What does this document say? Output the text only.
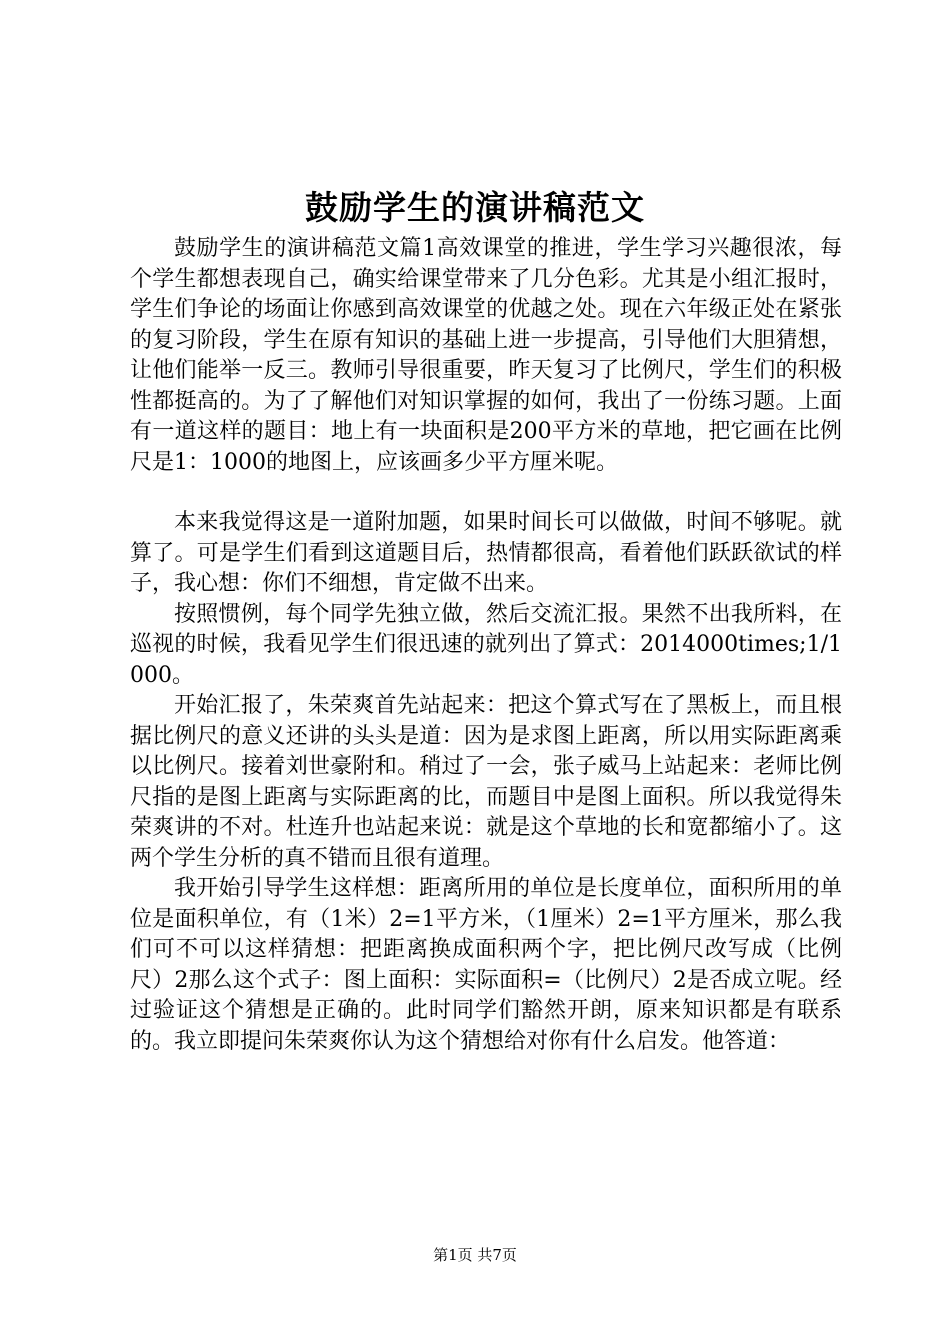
鼓励学生的演讲稿范文

鼓励学生的演讲稿范文篇1高效课堂的推进，学生学习兴趣很浓，每个学生都想表现自己，确实给课堂带来了几分色彩。尤其是小组汇报时，学生们争论的场面让你感到高效课堂的优越之处。现在六年级正处在紧张的复习阶段，学生在原有知识的基础上进一步提高，引导他们大胆猜想，让他们能举一反三。教师引导很重要，昨天复习了比例尺，学生们的积极性都挺高的。为了了解他们对知识掌握的如何，我出了一份练习题。上面有一道这样的题目：地上有一块面积是200平方米的草地，把它画在比例尺是1：1000的地图上，应该画多少平方厘米呢。

本来我觉得这是一道附加题，如果时间长可以做做，时间不够呢。就算了。可是学生们看到这道题目后，热情都很高，看着他们跃跃欲试的样子，我心想：你们不细想，肯定做不出来。

按照惯例，每个同学先独立做，然后交流汇报。果然不出我所料，在巡视的时候，我看见学生们很迅速的就列出了算式：2014000times;1/1000。

开始汇报了，朱荣爽首先站起来：把这个算式写在了黑板上，而且根据比例尺的意义还讲的头头是道：因为是求图上距离，所以用实际距离乘以比例尺。接着刘世豪附和。稍过了一会，张子威马上站起来：老师比例尺指的是图上距离与实际距离的比，而题目中是图上面积。所以我觉得朱荣爽讲的不对。杜连升也站起来说：就是这个草地的长和宽都缩小了。这两个学生分析的真不错而且很有道理。

我开始引导学生这样想：距离所用的单位是长度单位，面积所用的单位是面积单位，有（1米）2=1平方米，（1厘米）2=1平方厘米，那么我们可不可以这样猜想：把距离换成面积两个字，把比例尺改写成（比例尺）2那么这个式子：图上面积：实际面积=（比例尺）2是否成立呢。经过验证这个猜想是正确的。此时同学们豁然开朗，原来知识都是有联系的。我立即提问朱荣爽你认为这个猜想给对你有什么启发。他答道：

第1页 共7页
